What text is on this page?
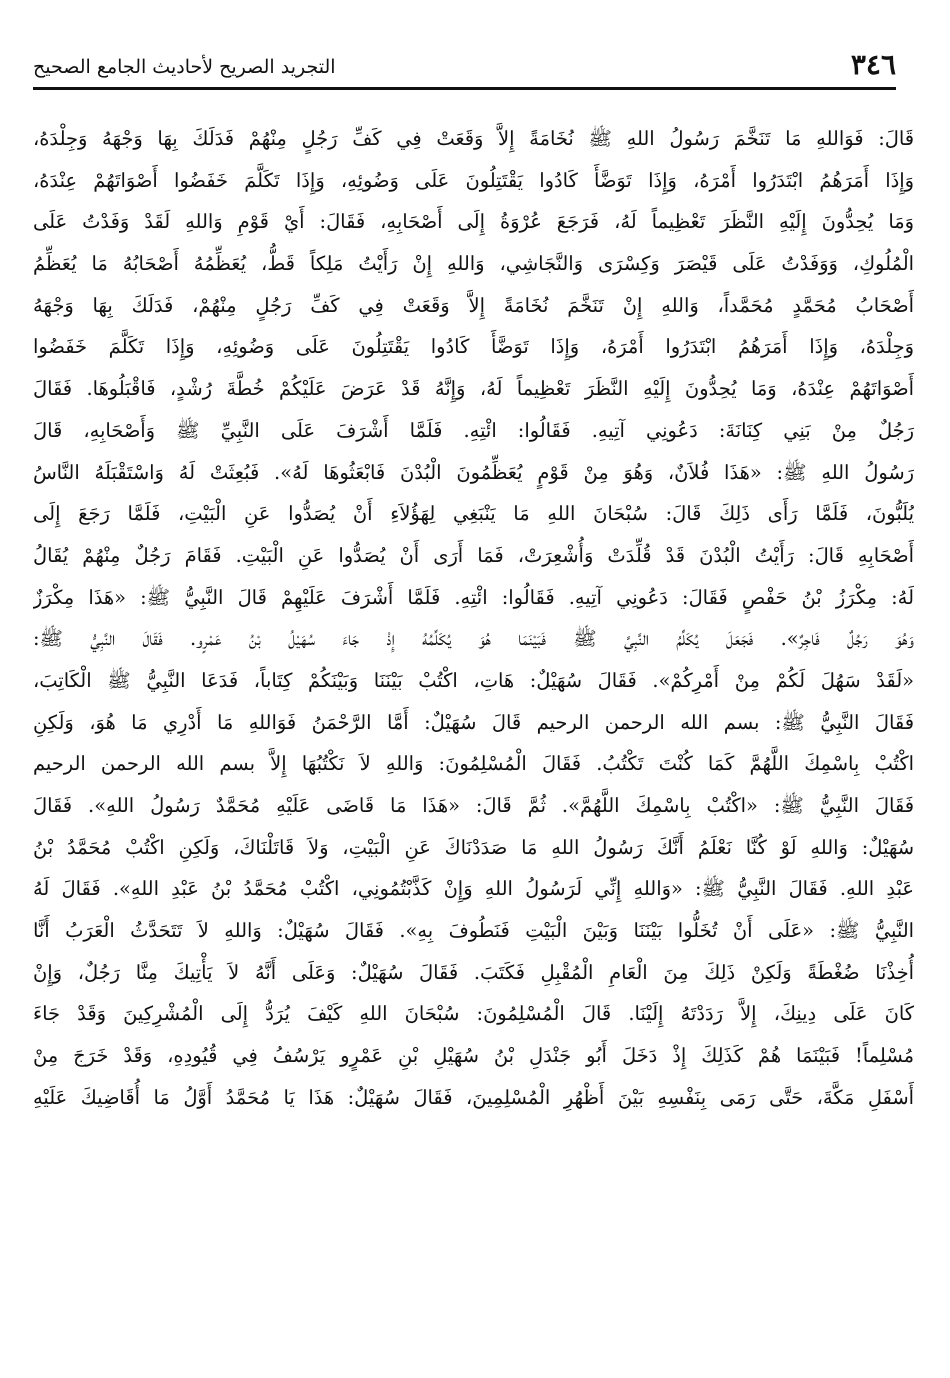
التجريد الصريح لأحاديث الجامع الصحيح	٣٤٦
قَالَ: فَوَاللهِ مَا تَنَخَّمَ رَسُولُ اللهِ ﷺ نُخَامَةً إِلاَّ وَقَعَتْ فِي كَفِّ رَجُلٍ مِنْهُمْ فَدَلَكَ بِهَا وَجْهَهُ وَجِلْدَهُ،
وَإِذَا أَمَرَهُمُ ابْتَدَرُوا أَمْرَهُ، وَإِذَا تَوَضَّأَ كَادُوا يَقْتَتِلُونَ عَلَى وَضُوئِهِ، وَإِذَا تَكَلَّمَ خَفَضُوا أَصْوَاتَهُمْ عِنْدَهُ،
وَمَا يُحِدُّونَ إِلَيْهِ النَّظَرَ تَعْظِيماً لَهُ، فَرَجَعَ عُرْوَةُ إِلَى أَصْحَابِهِ، فَقَالَ: أَيْ قَوْمِ وَاللهِ لَقَدْ وَفَدْتُ عَلَى
الْمُلُوكِ، وَوَفَدْتُ عَلَى قَيْصَرَ وَكِسْرَى وَالنَّجَاشِي، وَاللهِ إِنْ رَأَيْتُ مَلِكاً قَطُّ، يُعَظِّمُهُ أَصْحَابُهُ مَا يُعَظِّمُ
أَصْحَابُ مُحَمَّدٍ مُحَمَّداً، وَاللهِ إِنْ تَنَخَّمَ نُخَامَةً إِلاَّ وَقَعَتْ فِي كَفِّ رَجُلٍ مِنْهُمْ، فَدَلَكَ بِهَا وَجْهَهُ
وَجِلْدَهُ، وَإِذَا أَمَرَهُمُ ابْتَدَرُوا أَمْرَهُ، وَإِذَا تَوَضَّأَ كَادُوا يَقْتَتِلُونَ عَلَى وَضُوئِهِ، وَإِذَا تَكَلَّمَ خَفَضُوا
أَصْوَاتَهُمْ عِنْدَهُ، وَمَا يُحِدُّونَ إِلَيْهِ النَّظَرَ تَعْظِيماً لَهُ، وَإِنَّهُ قَدْ عَرَضَ عَلَيْكُمْ خُطَّةَ رُشْدٍ، فَاقْبَلُوهَا. فَقَالَ
رَجُلٌ مِنْ بَنِي كِنَانَةَ: دَعُونِي آتِيهِ. فَقَالُوا: ائْتِهِ. فَلَمَّا أَشْرَفَ عَلَى النَّبِيِّ ﷺ وَأَصْحَابِهِ، قَالَ
رَسُولُ اللهِ ﷺ: «هَذَا فُلاَنٌ، وَهُوَ مِنْ قَوْمٍ يُعَظِّمُونَ الْبُدْنَ فَابْعَثُوهَا لَهُ». فَبُعِثَتْ لَهُ وَاسْتَقْبَلَهُ النَّاسُ
يُلَبُّونَ، فَلَمَّا رَأَى ذَلِكَ قَالَ: سُبْحَانَ اللهِ مَا يَنْبَغِي لِهَؤُلاَءِ أَنْ يُصَدُّوا عَنِ الْبَيْتِ، فَلَمَّا رَجَعَ إِلَى
أَصْحَابِهِ قَالَ: رَأَيْتُ الْبُدْنَ قَدْ قُلِّدَتْ وَأُشْعِرَتْ، فَمَا أَرَى أَنْ يُصَدُّوا عَنِ الْبَيْتِ. فَقَامَ رَجُلٌ مِنْهُمْ يُقَالُ
لَهُ: مِكْرَزُ بْنُ حَفْصٍ فَقَالَ: دَعُونِي آتِيهِ. فَقَالُوا: ائْتِهِ. فَلَمَّا أَشْرَفَ عَلَيْهِمْ قَالَ النَّبِيُّ ﷺ: «هَذَا مِكْرَزٌ
وَهُوَ رَجُلٌ فَاجِرٌ». فَجَعَلَ يُكَلِّمُ النَّبِيَّ ﷺ فَبَيْنَمَا هُوَ يُكَلِّمُهُ إِذْ جَاءَ سُهَيْلُ بْنُ عَمْرٍو. فَقَالَ النَّبِيُّ ﷺ:
«لَقَدْ سَهُلَ لَكُمْ مِنْ أَمْرِكُمْ». فَقَالَ سُهَيْلٌ: هَاتِ، اكْتُبْ بَيْنَنَا وَبَيْنَكُمْ كِتَاباً، فَدَعَا النَّبِيُّ ﷺ الْكَاتِبَ،
فَقَالَ النَّبِيُّ ﷺ: بسم الله الرحمن الرحيم قَالَ سُهَيْلٌ: أَمَّا الرَّحْمَنُ فَوَاللهِ مَا أَدْرِي مَا هُوَ، وَلَكِنِ
اكْتُبْ بِاسْمِكَ اللَّهُمَّ كَمَا كُنْتَ تَكْتُبُ. فَقَالَ الْمُسْلِمُونَ: وَاللهِ لاَ نَكْتُبُهَا إِلاَّ بسم الله الرحمن الرحيم
فَقَالَ النَّبِيُّ ﷺ: «اكْتُبْ بِاسْمِكَ اللَّهُمَّ». ثُمَّ قَالَ: «هَذَا مَا قَاضَى عَلَيْهِ مُحَمَّدٌ رَسُولُ اللهِ». فَقَالَ
سُهَيْلٌ: وَاللهِ لَوْ كُنَّا نَعْلَمُ أَنَّكَ رَسُولُ اللهِ مَا صَدَدْنَاكَ عَنِ الْبَيْتِ، وَلاَ قَاتَلْنَاكَ، وَلَكِنِ اكْتُبْ مُحَمَّدُ بْنُ
عَبْدِ اللهِ. فَقَالَ النَّبِيُّ ﷺ: «وَاللهِ إِنِّي لَرَسُولُ اللهِ وَإِنْ كَذَّبْتُمُونِي، اكْتُبْ مُحَمَّدُ بْنُ عَبْدِ اللهِ». فَقَالَ لَهُ
النَّبِيُّ ﷺ: «عَلَى أَنْ تُخَلُّوا بَيْنَنَا وَبَيْنَ الْبَيْتِ فَنَطُوفَ بِهِ». فَقَالَ سُهَيْلٌ: وَاللهِ لاَ تَتَحَدَّثُ الْعَرَبُ أَنَّا
أُخِذْنَا ضُغْطَةً وَلَكِنْ ذَلِكَ مِنَ الْعَامِ الْمُقْبِلِ فَكَتَبَ. فَقَالَ سُهَيْلٌ: وَعَلَى أَنَّهُ لاَ يَأْتِيكَ مِنَّا رَجُلٌ، وَإِنْ
كَانَ عَلَى دِينِكَ، إِلاَّ رَدَدْتَهُ إِلَيْنَا. قَالَ الْمُسْلِمُونَ: سُبْحَانَ اللهِ كَيْفَ يُرَدُّ إِلَى الْمُشْرِكِينَ وَقَدْ جَاءَ
مُسْلِماً! فَبَيْنَمَا هُمْ كَذَلِكَ إِذْ دَخَلَ أَبُو جَنْدَلِ بْنُ سُهَيْلِ بْنِ عَمْرٍو يَرْسُفُ فِي قُيُودِهِ، وَقَدْ خَرَجَ مِنْ
أَسْفَلِ مَكَّةَ، حَتَّى رَمَى بِنَفْسِهِ بَيْنَ أَظْهُرِ الْمُسْلِمِينَ، فَقَالَ سُهَيْلٌ: هَذَا يَا مُحَمَّدُ أَوَّلُ مَا أُقَاضِيكَ عَلَيْهِ
